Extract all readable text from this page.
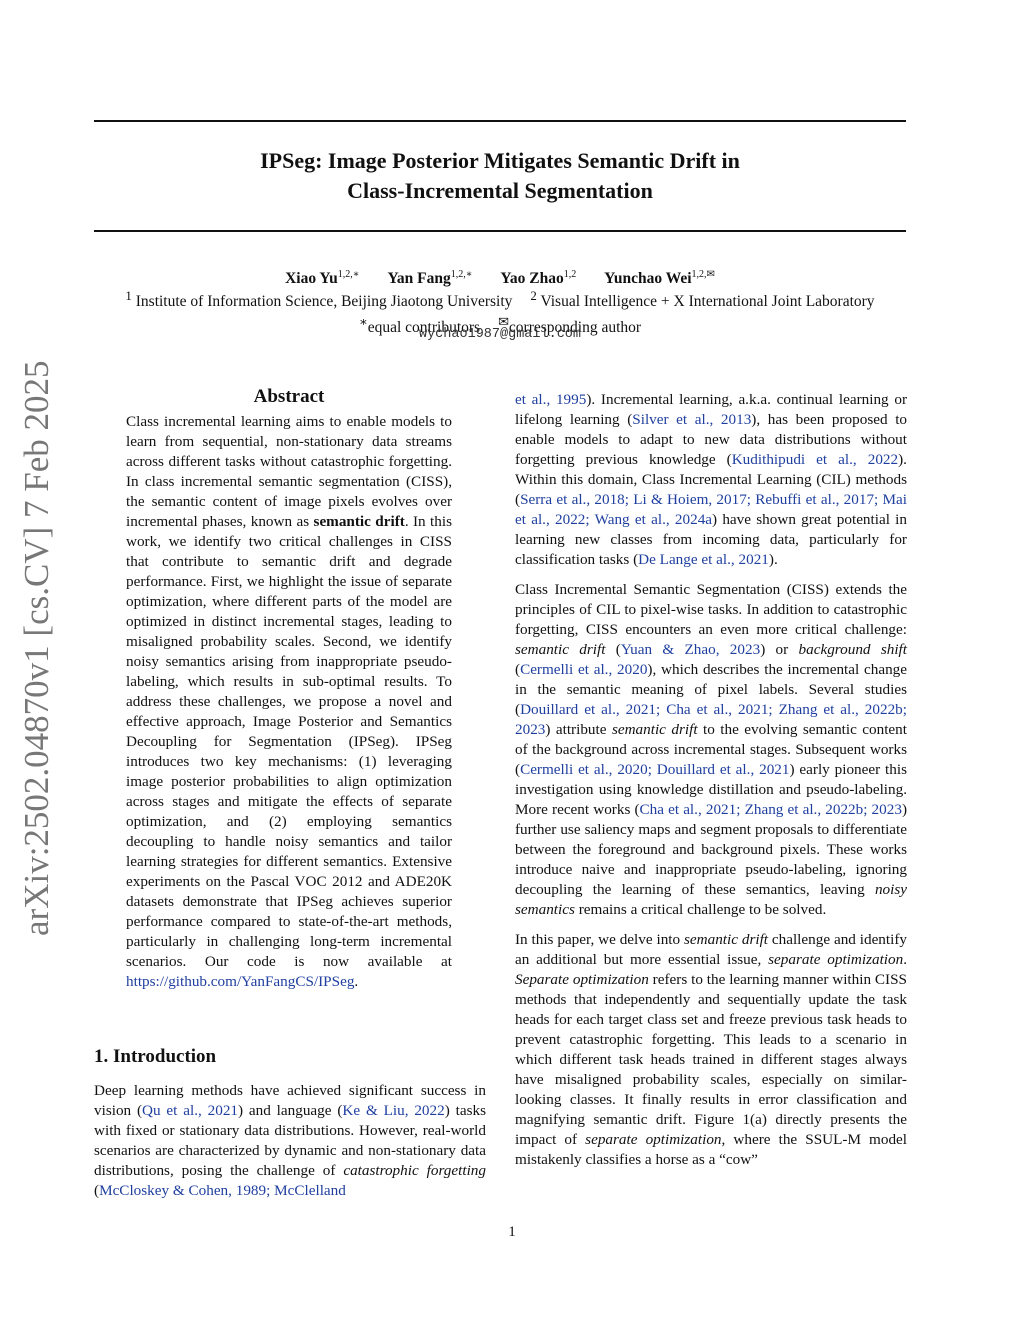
arXiv:2502.04870v1 [cs.CV] 7 Feb 2025
IPSeg: Image Posterior Mitigates Semantic Drift in
Class-Incremental Segmentation
Xiao $Yu^{1,2,∗}$ Yan Fang$^{1,2,∗}$ Yao Zhao$^{1,2}$ Yunchao Wei$^{1,2,✉}$
$^1$ Institute of Information Science, Beijing Jiaotong University $^2$ Visual Intelligence + X International Joint Laboratory
∗equal contributors ✉corresponding author
wychao1987@gmail.com
Abstract
Class incremental learning aims to enable models to learn from sequential, non-stationary data streams across different tasks without catastrophic forgetting. In class incremental semantic segmentation (CISS), the semantic content of image pixels evolves over incremental phases, known as semantic drift. In this work, we identify two critical challenges in CISS that contribute to semantic drift and degrade performance. First, we highlight the issue of separate optimization, where different parts of the model are optimized in distinct incremental stages, leading to misaligned probability scales. Second, we identify noisy semantics arising from inappropriate pseudo-labeling, which results in sub-optimal results. To address these challenges, we propose a novel and effective approach, Image Posterior and Semantics Decoupling for Segmentation (IPSeg). IPSeg introduces two key mechanisms: (1) leveraging image posterior probabilities to align optimization across stages and mitigate the effects of separate optimization, and (2) employing semantics decoupling to handle noisy semantics and tailor learning strategies for different semantics. Extensive experiments on the Pascal VOC 2012 and ADE20K datasets demonstrate that IPSeg achieves superior performance compared to state-of-the-art methods, particularly in challenging long-term incremental scenarios. Our code is now available at https://github.com/YanFangCS/IPSeg.
1. Introduction
Deep learning methods have achieved significant success in vision (Qu et al., 2021) and language (Ke & Liu, 2022) tasks with fixed or stationary data distributions. However, real-world scenarios are characterized by dynamic and non-stationary data distributions, posing the challenge of catastrophic forgetting (McCloskey & Cohen, 1989; McClelland

et al., 1995). Incremental learning, a.k.a. continual learning or lifelong learning (Silver et al., 2013), has been proposed to enable models to adapt to new data distributions without forgetting previous knowledge (Kudithipudi et al., 2022). Within this domain, Class Incremental Learning (CIL) methods (Serra et al., 2018; Li & Hoiem, 2017; Rebuffi et al., 2017; Mai et al., 2022; Wang et al., 2024a) have shown great potential in learning new classes from incoming data, particularly for classification tasks (De Lange et al., 2021).

Class Incremental Semantic Segmentation (CISS) extends the principles of CIL to pixel-wise tasks. In addition to catastrophic forgetting, CISS encounters an even more critical challenge: semantic drift (Yuan & Zhao, 2023) or background shift (Cermelli et al., 2020), which describes the incremental change in the semantic meaning of pixel labels. Several studies (Douillard et al., 2021; Cha et al., 2021; Zhang et al., 2022b; 2023) attribute semantic drift to the evolving semantic content of the background across incremental stages. Subsequent works (Cermelli et al., 2020; Douillard et al., 2021) early pioneer this investigation using knowledge distillation and pseudo-labeling. More recent works (Cha et al., 2021; Zhang et al., 2022b; 2023) further use saliency maps and segment proposals to differentiate between the foreground and background pixels. These works introduce naive and inappropriate pseudo-labeling, ignoring decoupling the learning of these semantics, leaving noisy semantics remains a critical challenge to be solved.

In this paper, we delve into semantic drift challenge and identify an additional but more essential issue, separate optimization. Separate optimization refers to the learning manner within CISS methods that independently and sequentially update the task heads for each target class set and freeze previous task heads to prevent catastrophic forgetting. This leads to a scenario in which different task heads trained in different stages always have misaligned probability scales, especially on similar-looking classes. It finally results in error classification and magnifying semantic drift. Figure 1(a) directly presents the impact of separate optimization, where the SSUL-M model mistakenly classifies a horse as a “cow”

1
